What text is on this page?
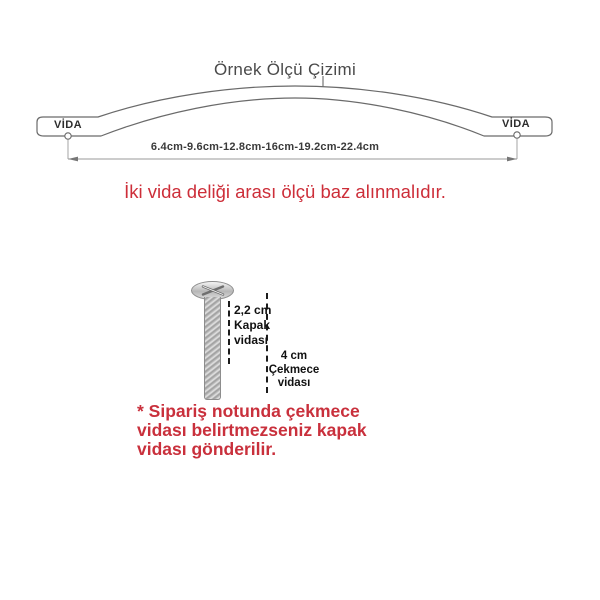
Örnek Ölçü Çizimi
VİDA	VİDA
6.4cm-9.6cm-12.8cm-16cm-19.2cm-22.4cm
İki vida deliği arası ölçü baz alınmalıdır.
2,2 cm
Kapak
vidası
4 cm
Çekmece
vidası
* Sipariş notunda çekmece
vidası belirtmezseniz kapak
vidası gönderilir.
